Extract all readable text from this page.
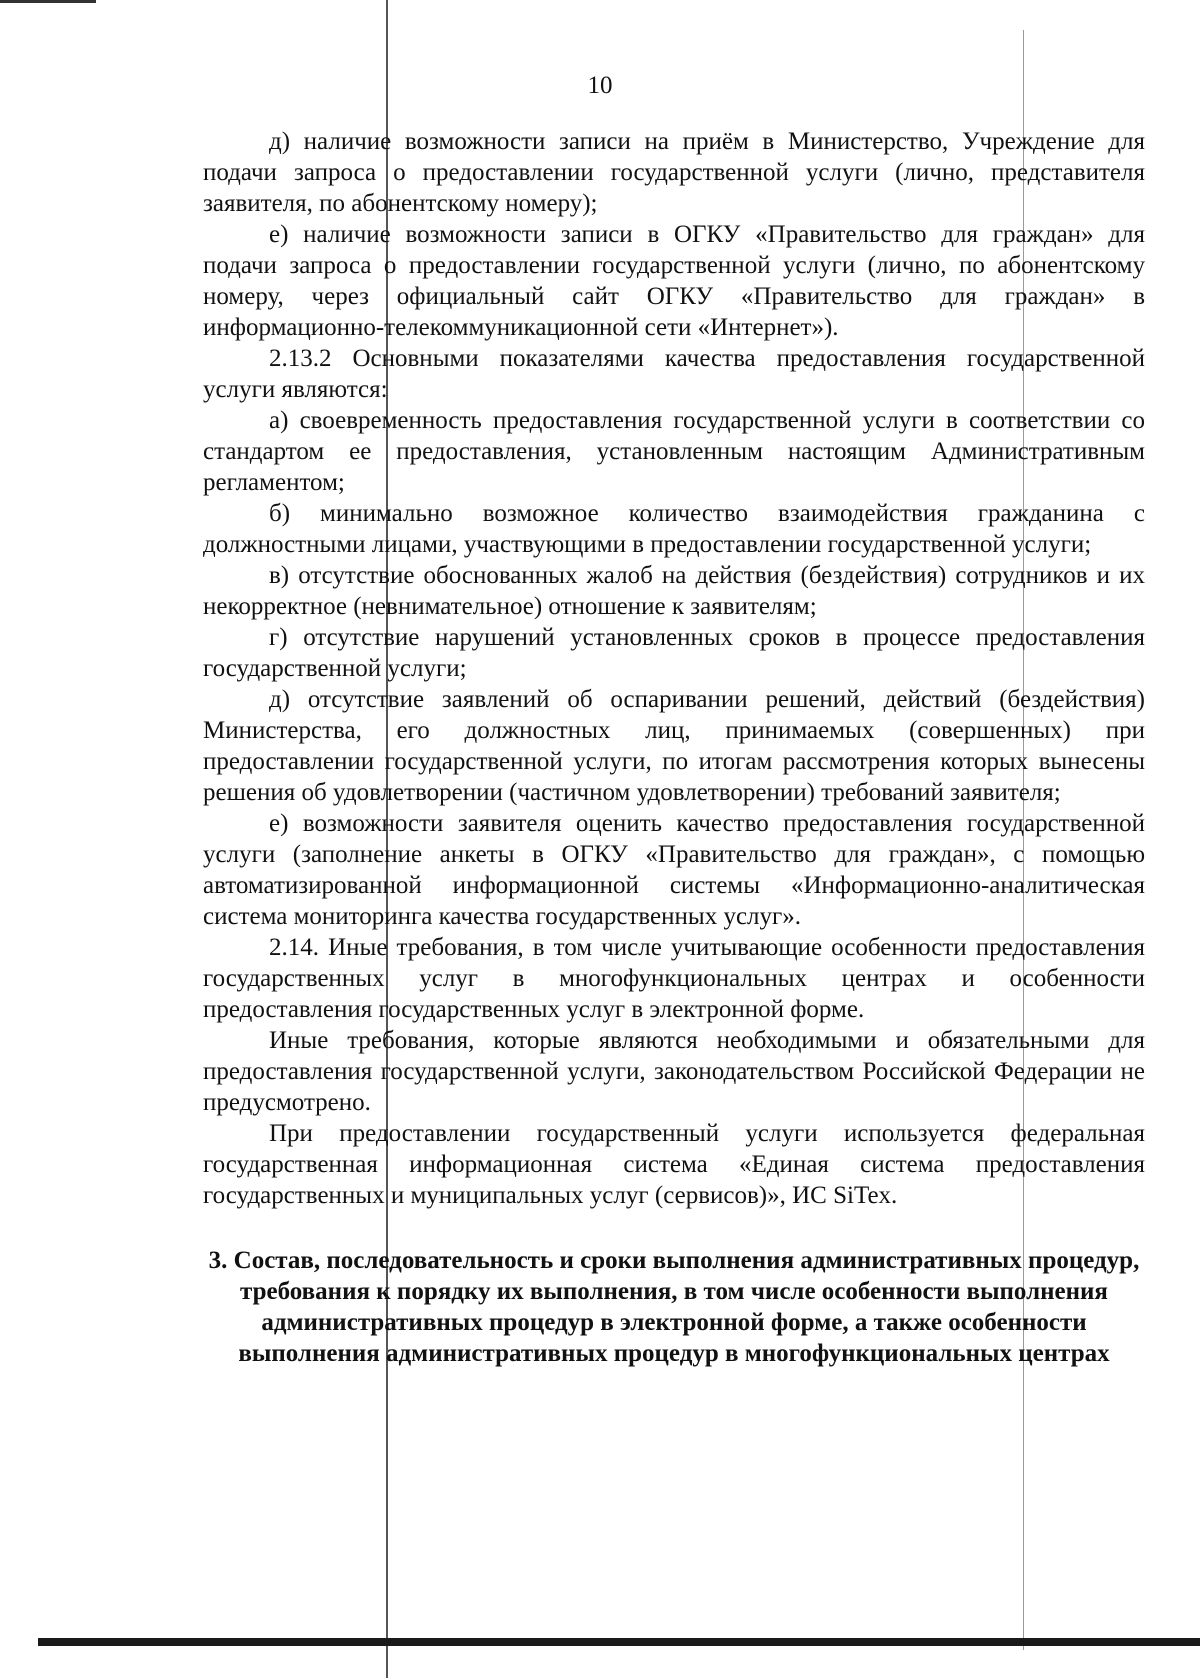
10

д) наличие возможности записи на приём в Министерство, Учреждение для подачи запроса о предоставлении государственной услуги (лично, представителя заявителя, по абонентскому номеру);

е) наличие возможности записи в ОГКУ «Правительство для граждан» для подачи запроса о предоставлении государственной услуги (лично, по абонентскому номеру, через официальный сайт ОГКУ «Правительство для граждан» в информационно-телекоммуникационной сети «Интернет»).

2.13.2 Основными показателями качества предоставления государственной услуги являются:

а) своевременность предоставления государственной услуги в соответствии со стандартом ее предоставления, установленным настоящим Административным регламентом;

б) минимально возможное количество взаимодействия гражданина с должностными лицами, участвующими в предоставлении государственной услуги;

в) отсутствие обоснованных жалоб на действия (бездействия) сотрудников и их некорректное (невнимательное) отношение к заявителям;

г) отсутствие нарушений установленных сроков в процессе предоставления государственной услуги;

д) отсутствие заявлений об оспаривании решений, действий (бездействия) Министерства, его должностных лиц, принимаемых (совершенных) при предоставлении государственной услуги, по итогам рассмотрения которых вынесены решения об удовлетворении (частичном удовлетворении) требований заявителя;

е) возможности заявителя оценить качество предоставления государственной услуги (заполнение анкеты в ОГКУ «Правительство для граждан», с помощью автоматизированной информационной системы «Информационно-аналитическая система мониторинга качества государственных услуг».

2.14. Иные требования, в том числе учитывающие особенности предоставления государственных услуг в многофункциональных центрах и особенности предоставления государственных услуг в электронной форме.

Иные требования, которые являются необходимыми и обязательными для предоставления государственной услуги, законодательством Российской Федерации не предусмотрено.

При предоставлении государственный услуги используется федеральная государственная информационная система «Единая система предоставления государственных и муниципальных услуг (сервисов)», ИС SiTex.

3. Состав, последовательность и сроки выполнения административных процедур, требования к порядку их выполнения, в том числе особенности выполнения административных процедур в электронной форме, а также особенности выполнения административных процедур в многофункциональных центрах
